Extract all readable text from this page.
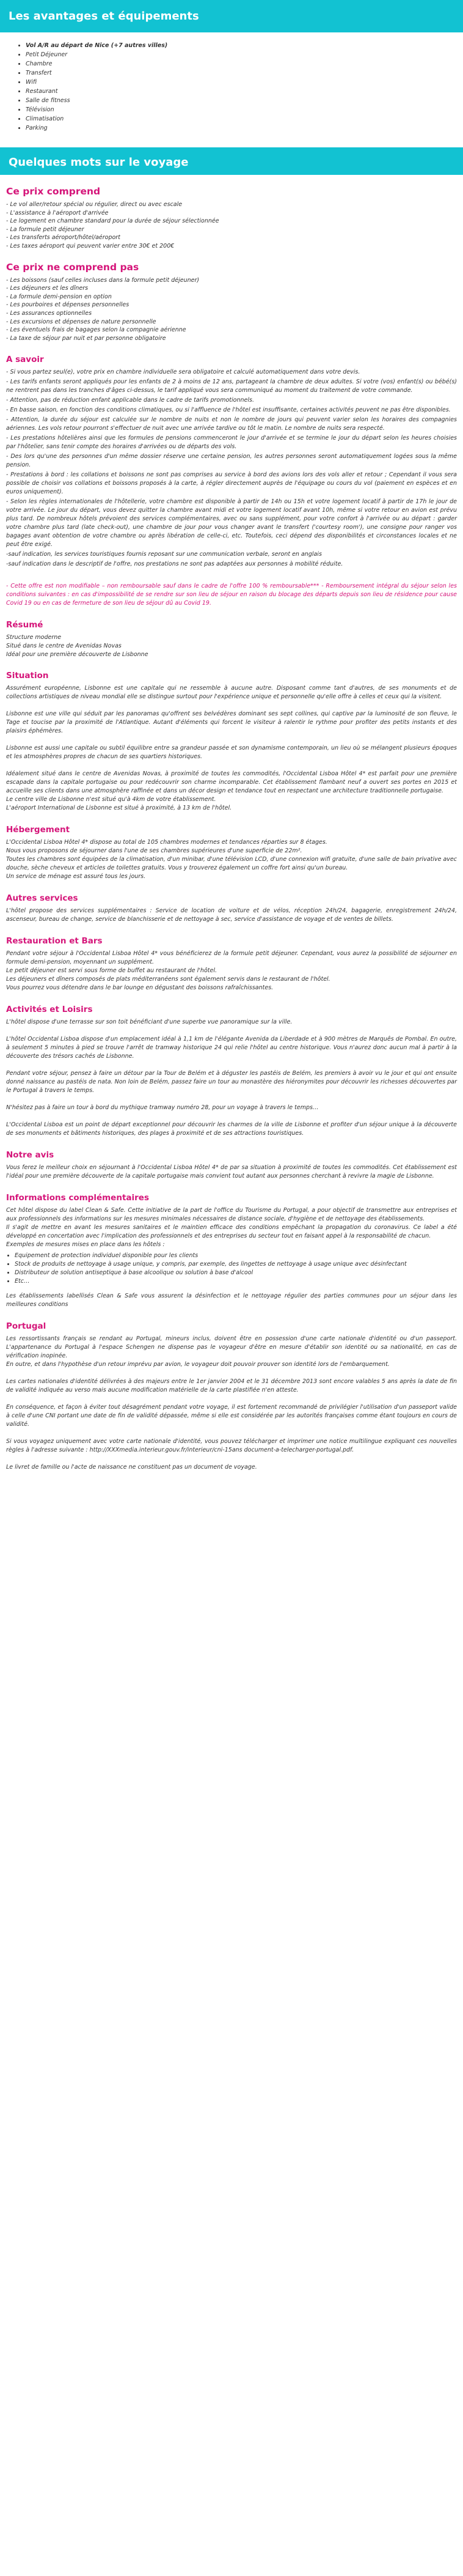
Les avantages et équipements
• Vol A/R au départ de Nice (+7 autres villes)
• Petit Déjeuner
• Chambre
• Transfert
• Wifi
• Restaurant
• Salle de fitness
• Télévision
• Climatisation
• Parking
Quelques mots sur le voyage
Ce prix comprend

- Le vol aller/retour spécial ou régulier, direct ou avec escale

- L'assistance à l'aéroport d'arrivée

- Le logement en chambre standard pour la durée de séjour sélectionnée

- La formule petit déjeuner

- Les transferts aéroport/hôtel/aéroport

- Les taxes aéroport qui peuvent varier entre 30€ et 200€

Ce prix ne comprend pas

- Les boissons (sauf celles incluses dans la formule petit déjeuner)

- Les déjeuners et les dîners

- La formule demi-pension en option

- Les pourboires et dépenses personnelles

- Les assurances optionnelles

- Les excursions et dépenses de nature personnelle

- Les éventuels frais de bagages selon la compagnie aérienne

- La taxe de séjour par nuit et par personne obligatoire

A savoir

- Si vous partez seul(e), votre prix en chambre individuelle sera obligatoire et calculé automatiquement dans votre devis.

- Les tarifs enfants seront appliqués pour les enfants de 2 à moins de 12 ans, partageant la chambre de deux adultes. Si votre (vos) enfant(s) ou bébé(s) ne rentrent pas dans les tranches d'âges ci-dessus, le tarif appliqué vous sera communiqué au moment du traitement de votre commande.

- Attention, pas de réduction enfant applicable dans le cadre de tarifs promotionnels.

- En basse saison, en fonction des conditions climatiques, ou si l'affluence de l'hôtel est insuffisante, certaines activités peuvent ne pas être disponibles.

- Attention, la durée du séjour est calculée sur le nombre de nuits et non le nombre de jours qui peuvent varier selon les horaires des compagnies aériennes. Les vols retour pourront s'effectuer de nuit avec une arrivée tardive ou tôt le matin. Le nombre de nuits sera respecté.

- Les prestations hôtelières ainsi que les formules de pensions commenceront le jour d'arrivée et se termine le jour du départ selon les heures choisies par l'hôtelier, sans tenir compte des horaires d'arrivées ou de départs des vols.

- Des lors qu'une des personnes d'un même dossier réserve une certaine pension, les autres personnes seront automatiquement logées sous la même pension.

- Prestations à bord : les collations et boissons ne sont pas comprises au service à bord des avions lors des vols aller et retour ; Cependant il vous sera possible de choisir vos collations et boissons proposés à la carte, à régler directement auprès de l'équipage ou cours du vol (paiement en espèces et en euros uniquement).

- Selon les règles internationales de l'hôtellerie, votre chambre est disponible à partir de 14h ou 15h et votre logement locatif à partir de 17h le jour de votre arrivée. Le jour du départ, vous devez quitter la chambre avant midi et votre logement locatif avant 10h, même si votre retour en avion est prévu plus tard. De nombreux hôtels prévoient des services complémentaires, avec ou sans supplément, pour votre confort à l'arrivée ou au départ : garder votre chambre plus tard (late check-out), une chambre de jour pour vous changer avant le transfert ('courtesy room'), une consigne pour ranger vos bagages avant obtention de votre chambre ou après libération de celle-ci, etc. Toutefois, ceci dépend des disponibilités et circonstances locales et ne peut être exigé.

-sauf indication, les services touristiques fournis reposant sur une communication verbale, seront en anglais

-sauf indication dans le descriptif de l'offre, nos prestations ne sont pas adaptées aux personnes à mobilité réduite.

- Cette offre est non modifiable – non remboursable sauf dans le cadre de l'offre 100 % remboursable*** - Remboursement intégral du séjour selon les conditions suivantes : en cas d'impossibilité de se rendre sur son lieu de séjour en raison du blocage des départs depuis son lieu de résidence pour cause Covid 19 ou en cas de fermeture de son lieu de séjour dû au Covid 19.

Résumé

Structure moderne

Situé dans le centre de Avenidas Novas

Idéal pour une première découverte de Lisbonne

Situation

Assurément européenne, Lisbonne est une capitale qui ne ressemble à aucune autre. Disposant comme tant d'autres, de ses monuments et de collections artistiques de niveau mondial elle se distingue surtout pour l'expérience unique et personnelle qu'elle offre à celles et ceux qui la visitent.

Lisbonne est une ville qui séduit par les panoramas qu'offrent ses belvédères dominant ses sept collines, qui captive par la luminosité de son fleuve, le Tage et toucise par la proximité de l'Atlantique. Autant d'éléments qui forcent le visiteur à ralentir le rythme pour profiter des petits instants et des plaisirs éphémères.

Lisbonne est aussi une capitale ou subtil équilibre entre sa grandeur passée et son dynamisme contemporain, un lieu où se mélangent plusieurs époques et les atmosphères propres de chacun de ses quartiers historiques.

Idéalement situé dans le centre de Avenidas Novas, à proximité de toutes les commodités, l'Occidental Lisboa Hôtel 4* est parfait pour une première escapade dans la capitale portugaise ou pour redécouvrir son charme incomparable. Cet établissement flambant neuf a ouvert ses portes en 2015 et accueille ses clients dans une atmosphère raffinée et dans un décor design et tendance tout en respectant une architecture traditionnelle portugaise.

Le centre ville de Lisbonne n'est situé qu'à 4km de votre établissement.

L'aéroport International de Lisbonne est situé à proximité, à 13 km de l'hôtel.

Hébergement

L'Occidental Lisboa Hôtel 4* dispose au total de 105 chambres modernes et tendances réparties sur 8 étages.

Nous vous proposons de séjourner dans l'une de ses chambres supérieures d'une superficie de 22m².

Toutes les chambres sont équipées de la climatisation, d'un minibar, d'une télévision LCD, d'une connexion wifi gratuite, d'une salle de bain privative avec douche, sèche cheveux et articles de toilettes gratuits. Vous y trouverez également un coffre fort ainsi qu'un bureau.

Un service de ménage est assuré tous les jours.

Autres services

L'hôtel propose des services supplémentaires : Service de location de voiture et de vélos, réception 24h/24, bagagerie, enregistrement 24h/24, ascenseur, bureau de change, service de blanchisserie et de nettoyage à sec, service d'assistance de voyage et de ventes de billets.

Restauration et Bars

Pendant votre séjour à l'Occidental Lisboa Hôtel 4* vous bénéficierez de la formule petit déjeuner. Cependant, vous aurez la possibilité de séjourner en formule demi-pension, moyennant un supplément.

Le petit déjeuner est servi sous forme de buffet au restaurant de l'hôtel.

Les déjeuners et dîners composés de plats méditerranéens sont également servis dans le restaurant de l'hôtel.

Vous pourrez vous détendre dans le bar lounge en dégustant des boissons rafraîchissantes.

Activités et Loisirs

L'hôtel dispose d'une terrasse sur son toit bénéficiant d'une superbe vue panoramique sur la ville.

L'hôtel Occidental Lisboa dispose d'un emplacement idéal à 1,1 km de l'élégante Avenida da Liberdade et à 900 mètres de Marquês de Pombal. En outre, à seulement 5 minutes à pied se trouve l'arrêt de tramway historique 24 qui relie l'hôtel au centre historique. Vous n'aurez donc aucun mal à partir à la découverte des trésors cachés de Lisbonne.

Pendant votre séjour, pensez à faire un détour par la Tour de Belém et à déguster les pastéis de Belém, les premiers à avoir vu le jour et qui ont ensuite donné naissance au pastéis de nata. Non loin de Belém, passez faire un tour au monastère des hiéronymites pour découvrir les richesses découvertes par le Portugal à travers le temps.

N'hésitez pas à faire un tour à bord du mythique tramway numéro 28, pour un voyage à travers le temps…

L'Occidental Lisboa est un point de départ exceptionnel pour découvrir les charmes de la ville de Lisbonne et profiter d'un séjour unique à la découverte de ses monuments et bâtiments historiques, des plages à proximité et de ses attractions touristiques.

Notre avis

Vous ferez le meilleur choix en séjournant à l'Occidental Lisboa Hôtel 4* de par sa situation à proximité de toutes les commodités. Cet établissement est l'idéal pour une première découverte de la capitale portugaise mais convient tout autant aux personnes cherchant à revivre la magie de Lisbonne.

Informations complémentaires

Cet hôtel dispose du label Clean & Safe. Cette initiative de la part de l'office du Tourisme du Portugal, a pour objectif de transmettre aux entreprises et aux professionnels des informations sur les mesures minimales nécessaires de distance sociale, d'hygiène et de nettoyage des établissements.

Il s'agit de mettre en avant les mesures sanitaires et le maintien efficace des conditions empêchant la propagation du coronavirus. Ce label a été développé en concertation avec l'implication des professionnels et des entreprises du secteur tout en faisant appel à la responsabilité de chacun.

Exemples de mesures mises en place dans les hôtels :

• Equipement de protection individuel disponible pour les clients
• Stock de produits de nettoyage à usage unique, y compris, par exemple, des lingettes de nettoyage à usage unique avec désinfectant
• Distributeur de solution antiseptique à base alcoolique ou solution à base d'alcool
• Etc…

Les établissements labellisés Clean & Safe vous assurent la désinfection et le nettoyage régulier des parties communes pour un séjour dans les meilleures conditions

Portugal

Les ressortissants français se rendant au Portugal, mineurs inclus, doivent être en possession d'une carte nationale d'identité ou d'un passeport. L'appartenance du Portugal à l'espace Schengen ne dispense pas le voyageur d'être en mesure d'établir son identité ou sa nationalité, en cas de vérification inopinée.
En outre, et dans l'hypothèse d'un retour imprévu par avion, le voyageur doit pouvoir prouver son identité lors de l'embarquement.

Les cartes nationales d'identité délivrées à des majeurs entre le 1er janvier 2004 et le 31 décembre 2013 sont encore valables 5 ans après la date de fin de validité indiquée au verso mais aucune modification matérielle de la carte plastifiée n'en atteste.

En conséquence, et façon à éviter tout désagrément pendant votre voyage, il est fortement recommandé de privilégier l'utilisation d'un passeport valide à celle d'une CNI portant une date de fin de validité dépassée, même si elle est considérée par les autorités françaises comme étant toujours en cours de validité.

Si vous voyagez uniquement avec votre carte nationale d'identité, vous pouvez télécharger et imprimer une notice multilingue expliquant ces nouvelles règles à l'adresse suivante : http://XXXmedia.interieur.gouv.fr/interieur/cni-15ans document-a-telecharger-portugal.pdf.

Le livret de famille ou l'acte de naissance ne constituent pas un document de voyage.
